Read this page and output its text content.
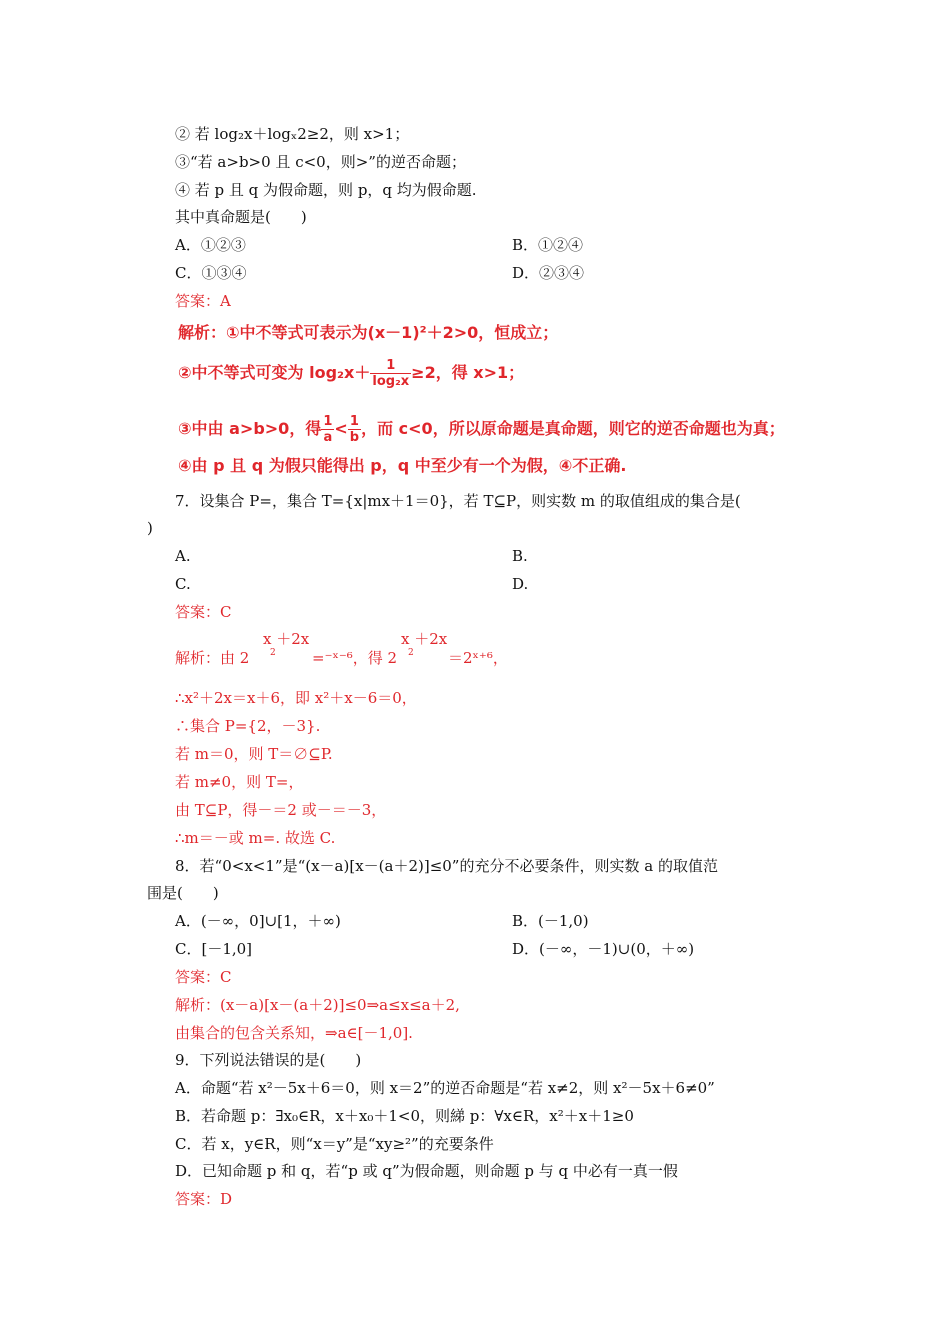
② 若 log₂x＋logₓ2≥2，则 x>1；
③“若 a>b>0 且 c<0，则>”的逆否命题；
④ 若 p 且 q 为假命题，则 p，q 均为假命题.
其中真命题是(　　)
A．①②③	B．①②④
C．①③④	D．②③④
答案：A
解析：①中不等式可表示为(x－1)²＋2>0，恒成立；
②中不等式可变为 $\log_2x+ \frac{1}{\text{log₂x}} \ge 2$，得 x>1；
③中由 a>b>0，得 $\frac{1}{a} < \frac{1}{b}$ ，而 c<0，所以原命题是真命题，则它的逆否命题也为真；
④由 p 且 q 为假只能得出 p，q 中至少有一个为假，④不正确.
7．设集合 P=，集合 T={x|mx＋1＝0}，若 T⊆P，则实数 m 的取值组成的集合是(
)
A.	B.
C.	D.
答案：C
解析：由 2
x ＋2x
2 =⁻ˣ⁻⁶，得 2
x ＋2x
2 ＝2ˣ⁺⁶，
∴x²＋2x＝x＋6，即 x²＋x－6＝0，
∴集合 P={2，－3}.
若 m＝0，则 T＝∅⊆P.
若 m≠0，则 T=，
由 T⊆P，得－＝2 或－＝－3，
∴m＝－或 m=. 故选 C.
8．若“0<x<1”是“(x－a)[x－(a＋2)]≤0”的充分不必要条件，则实数 a 的取值范
围是(　　)
A．(－∞，0]∪[1，＋∞)	B．(－1,0)
C．[－1,0]	D．(－∞，－1)∪(0，＋∞)
答案：C
解析：(x－a)[x－(a＋2)]≤0⇒a≤x≤a＋2,
由集合的包含关系知，⇒a∈[－1,0].
9．下列说法错误的是(　　)
A．命题“若 x²－5x＋6＝0，则 x＝2”的逆否命题是“若 x≠2，则 x²－5x＋6≠0”
B．若命题 p：∃x₀∈R，x＋x₀＋1<0，则綈 p：∀x∈R，x²＋x＋1≥0
C．若 x，y∈R，则“x＝y”是“xy≥²”的充要条件
D．已知命题 p 和 q，若“p 或 q”为假命题，则命题 p 与 q 中必有一真一假
答案：D
